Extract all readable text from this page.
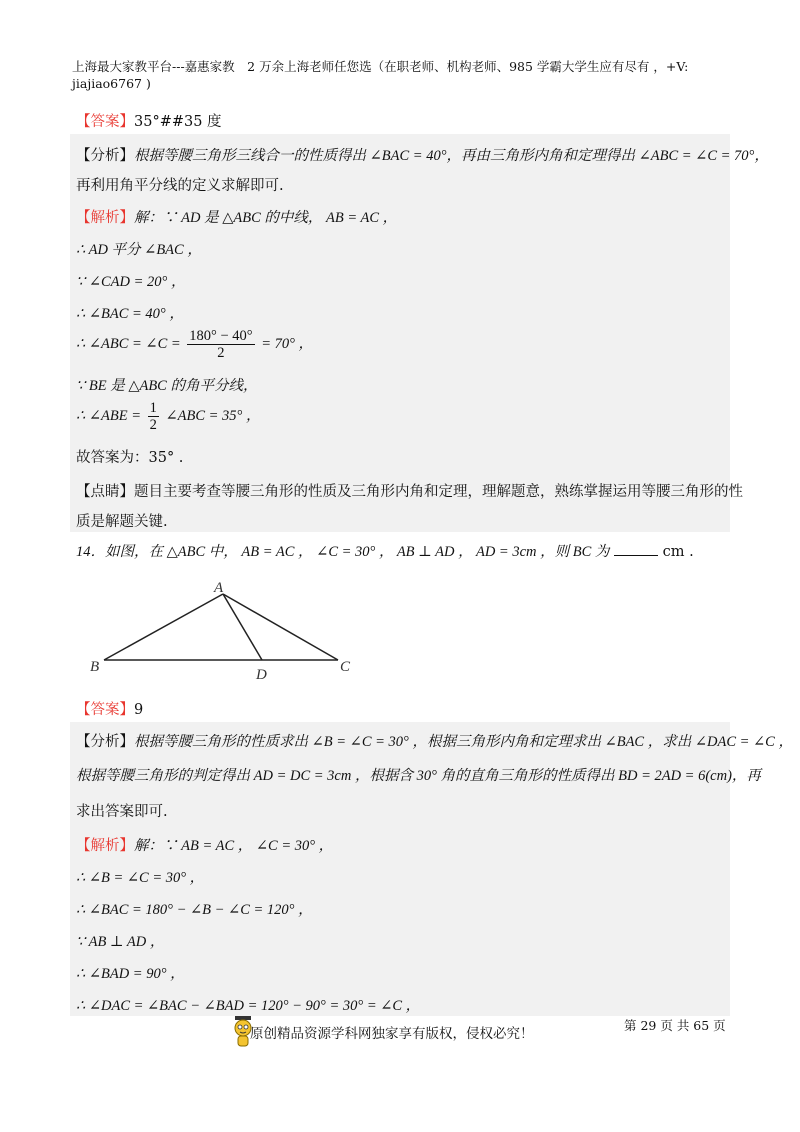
上海最大家教平台---嘉惠家教　2 万余上海老师任您选（在职老师、机构老师、985 学霸大学生应有尽有 ，+V:
jiajiao6767 )
【答案】35°##35 度
【分析】根据等腰三角形三线合一的性质得出 ∠BAC = 40°，再由三角形内角和定理得出 ∠ABC = ∠C = 70°，
再利用角平分线的定义求解即可.
【解析】解：∵ AD 是 △ABC 的中线， AB = AC ，
∴ AD 平分 ∠BAC ，
∵ ∠CAD = 20° ，
∴ ∠BAC = 40° ，
∴ ∠ABC = ∠C = $\frac{180^\circ - 40^\circ}{2} = 70^\circ$ ，
∵ BE 是 △ABC 的角平分线，
∴ ∠ABE = $\frac{1}{2}$ ∠ABC = 35° ，
故答案为：35° .
【点睛】题目主要考查等腰三角形的性质及三角形内角和定理，理解题意，熟练掌握运用等腰三角形的性
质是解题关键.
14．如图，在 △ABC 中， AB = AC ， ∠C = 30° ， AB ⊥ AD ， AD = 3cm ，则 BC 为	cm .
A
B	C
D
【答案】9
【分析】根据等腰三角形的性质求出 ∠B = ∠C = 30° ，根据三角形内角和定理求出 ∠BAC ，求出 ∠DAC = ∠C ，
根据等腰三角形的判定得出 AD = DC = 3cm ，根据含 30° 角的直角三角形的性质得出 BD = 2AD = 6(cm)，再
求出答案即可.
【解析】解：∵ AB = AC ， ∠C = 30° ，
∴ ∠B = ∠C = 30° ，
∴ ∠BAC = 180° − ∠B − ∠C = 120° ，
∵ AB ⊥ AD ，
∴ ∠BAD = 90° ，
∴ ∠DAC = ∠BAC − ∠BAD = 120° − 90° = 30° = ∠C ，
原创精品资源学科网独家享有版权，侵权必究！
第 29 页 共 65 页
